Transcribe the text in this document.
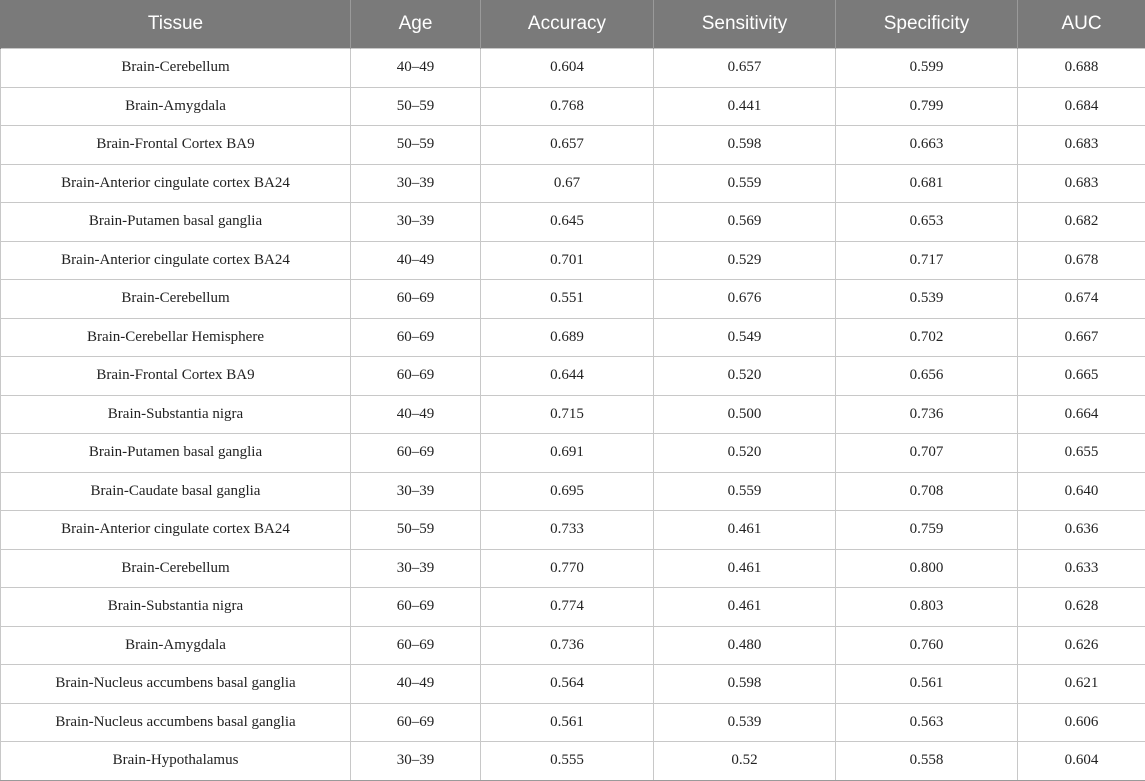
Tissue	Age	Accuracy	Sensitivity	Specificity	AUC
Brain-Cerebellum	40–49	0.604	0.657	0.599	0.688
Brain-Amygdala	50–59	0.768	0.441	0.799	0.684
Brain-Frontal Cortex BA9	50–59	0.657	0.598	0.663	0.683
Brain-Anterior cingulate cortex BA24	30–39	0.67	0.559	0.681	0.683
Brain-Putamen basal ganglia	30–39	0.645	0.569	0.653	0.682
Brain-Anterior cingulate cortex BA24	40–49	0.701	0.529	0.717	0.678
Brain-Cerebellum	60–69	0.551	0.676	0.539	0.674
Brain-Cerebellar Hemisphere	60–69	0.689	0.549	0.702	0.667
Brain-Frontal Cortex BA9	60–69	0.644	0.520	0.656	0.665
Brain-Substantia nigra	40–49	0.715	0.500	0.736	0.664
Brain-Putamen basal ganglia	60–69	0.691	0.520	0.707	0.655
Brain-Caudate basal ganglia	30–39	0.695	0.559	0.708	0.640
Brain-Anterior cingulate cortex BA24	50–59	0.733	0.461	0.759	0.636
Brain-Cerebellum	30–39	0.770	0.461	0.800	0.633
Brain-Substantia nigra	60–69	0.774	0.461	0.803	0.628
Brain-Amygdala	60–69	0.736	0.480	0.760	0.626
Brain-Nucleus accumbens basal ganglia	40–49	0.564	0.598	0.561	0.621
Brain-Nucleus accumbens basal ganglia	60–69	0.561	0.539	0.563	0.606
Brain-Hypothalamus	30–39	0.555	0.52	0.558	0.604
